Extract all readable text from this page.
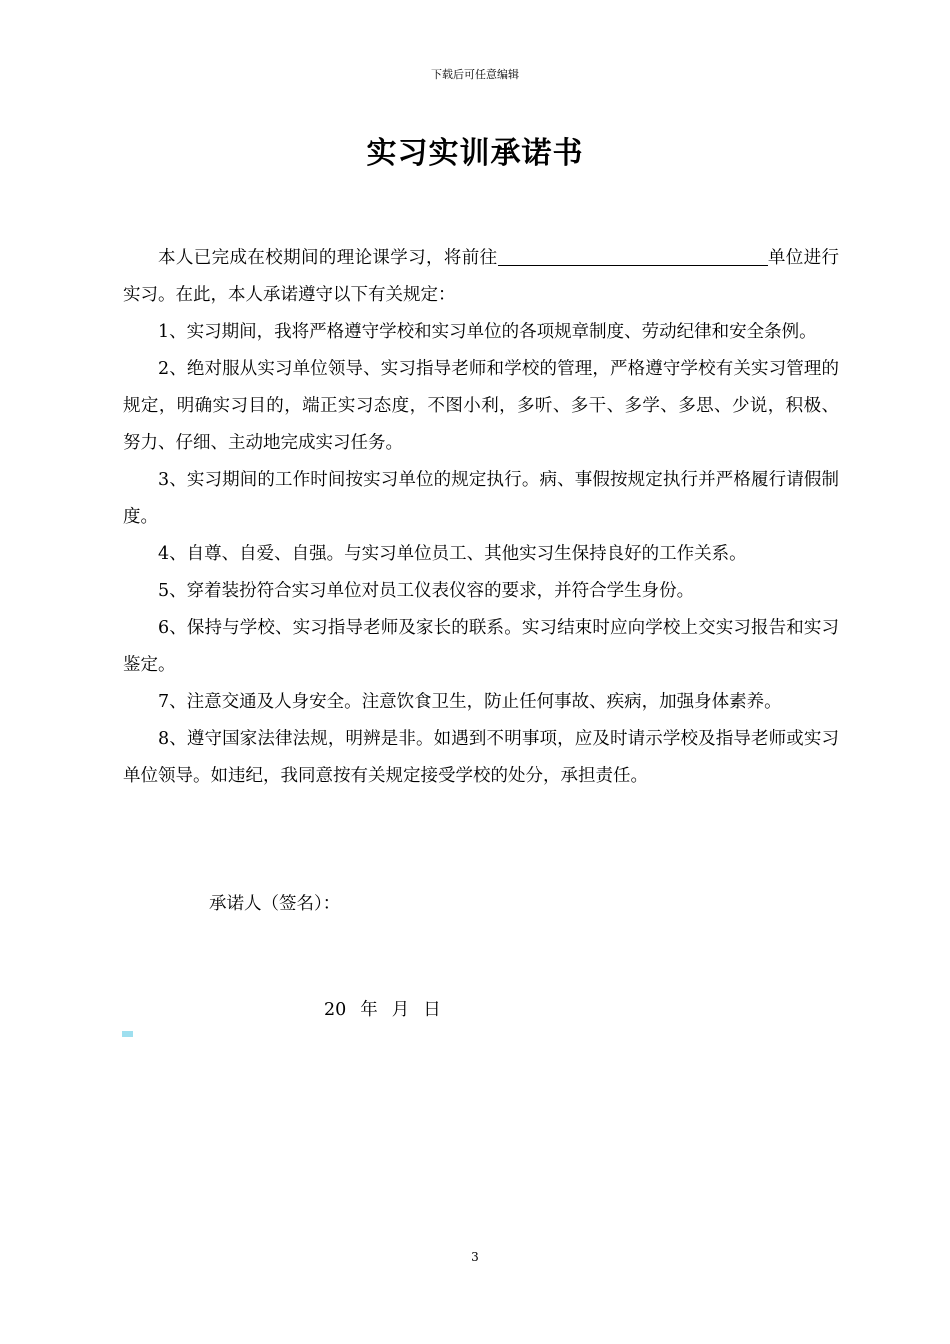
下载后可任意编辑
实习实训承诺书

本人已完成在校期间的理论课学习，将前往	单位进行实习。在此，本人承诺遵守以下有关规定：

1、实习期间，我将严格遵守学校和实习单位的各项规章制度、劳动纪律和安全条例。

2、绝对服从实习单位领导、实习指导老师和学校的管理，严格遵守学校有关实习管理的规定，明确实习目的，端正实习态度，不图小利，多听、多干、多学、多思、少说，积极、努力、仔细、主动地完成实习任务。

3、实习期间的工作时间按实习单位的规定执行。病、事假按规定执行并严格履行请假制度。

4、自尊、自爱、自强。与实习单位员工、其他实习生保持良好的工作关系。

5、穿着装扮符合实习单位对员工仪表仪容的要求，并符合学生身份。

6、保持与学校、实习指导老师及家长的联系。实习结束时应向学校上交实习报告和实习鉴定。

7、注意交通及人身安全。注意饮食卫生，防止任何事故、疾病，加强身体素养。

8、遵守国家法律法规，明辨是非。如遇到不明事项，应及时请示学校及指导老师或实习单位领导。如违纪，我同意按有关规定接受学校的处分，承担责任。

承诺人（签名）：
20 年 月 日
3
